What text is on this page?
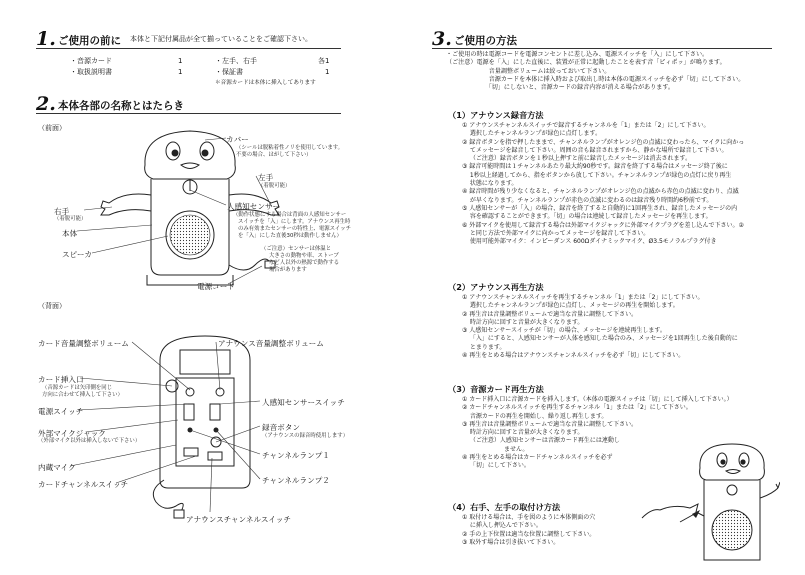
1. ご使用の前に 本体と下記付属品が全て揃っていることをご確認下さい。
・音源カード	1
・取扱説明書	1
・左手、右手	各1
・保証書	1
＊音源カードは本体に挿入してあります
2. 本体各部の名称とはたらき
（前面）
（背面）
カバー
（シールは脱粘着性ノリを使用しています。
不要の場合、はがして下さい）
左手
（着脱可能）
右手
（着脱可能）
本体
スピーカ
人感知センサー
（動作状態にする場合は背面の人感知センサー
スイッチを「入」にします。アナウンス再生時
のみ有効またセンサーの特性上、電源スイッチ
を「入」にした直後30秒は動作しません）
（ご注意）センサーは体温と
大きさの動物や車、ストーブ
など人以外の熱源で動作する
場合があります
電源コード
カード音量調整ボリューム
カード挿入口
（音源カードは矢印側を同じ
方向に合わせて挿入して下さい）
電源スイッチ
外部マイクジャック
（外部マイク以外は挿入しないで下さい）
内蔵マイク
カードチャンネルスイッチ
アナウンス音量調整ボリューム
人感知センサースイッチ
録音ボタン
（アナウンスの録音時使用します）
チャンネルランプ１
チャンネルランプ２
アナウンスチャンネルスイッチ
3. ご使用の方法
・ご使用の時は電源コードを電源コンセントに差し込み、電源スイッチを「入」にして下さい。
（ご注意）電源を「入」にした直後に、装置が正常に起動したことを表す音「ピィポッ」が鳴ります。
　　　　　　　音量調整ボリュームは絞っておいて下さい。
　　　　　　　音源カードを本体に挿入時および取出し時は本体の電源スイッチを必ず「切」にして下さい。
　　　　　　　「切」にしないと、音源カードの録音内容が消える場合があります。
（1）アナウンス録音方法
① アナウンスチャンネルスイッチで録音するチャンネルを「1」または「2」にして下さい。
　 選択したチャンネルランプが緑色に点灯します。
② 録音ボタンを指で押したままで、チャンネルランプがオレンジ色の点滅に変わったら、マイクに向かっ
　 てメッセージを録音して下さい。周囲の音も録音されますから、静かな場所で録音して下さい。
　 （ご注意）録音ボタンを１秒以上押すと前に録音したメッセージは消去されます。
③ 録音可能時間は１チャンネルあたり最大約90秒です。録音を終了する場合はメッセージ終了後に
　 1秒以上経過してから、指をボタンから放して下さい。チャンネルランプが緑色の点灯に戻り再生
　 状態になります。
④ 録音時間が残り少なくなると、チャンネルランプがオレンジ色の点滅から赤色の点滅に変わり、点滅
　 が早くなります。チャンネルランプが赤色の点滅に変わるのは録音残り時間約6秒前です。
⑤ 人感知センサーが「入」の場合、録音を終了すると自動的に1回再生され、録音したメッセージの内
　 容を確認することができます。「切」の場合は連続して録音したメッセージを再生します。
⑥ 外部マイクを使用して録音する場合は外部マイクジャックに外部マイクプラグを差し込んで下さい。②
　 と同じ方法で外部マイクに向かってメッセージを録音して下さい。
　 使用可能外部マイク：インピーダンス 600Ωダイナミックマイク、Ø3.5モノラルプラグ付き
（2）アナウンス再生方法
① アナウンスチャンネルスイッチを再生するチャンネル「1」または「2」にして下さい。
　 選択したチャンネルランプが緑色に点灯し、メッセージの再生を開始します。
② 再生音は音量調整ボリュームで適当な音量に調整して下さい。
　 時計方向に回すと音量が大きくなります。
③ 人感知センサースイッチが「切」の場合、メッセージを連続再生します。
　 「入」にすると、人感知センサーが人体を感知した場合のみ、メッセージを1回再生した後自動的に
　 とまります。
④ 再生をとめる場合はアナウンスチャンネルスイッチを必ず「切」にして下さい。
（3）音源カード再生方法
① カード挿入口に音源カードを挿入します。（本体の電源スイッチは「切」にして挿入して下さい。）
② カードチャンネルスイッチを再生するチャンネル「1」または「2」にして下さい。
　 音源カードの再生を開始し、繰り返し再生します。
③ 再生音は音量調整ボリュームで適当な音量に調整して下さい。
　 時計方向に回すと音量が大きくなります。
　 （ご注意）人感知センサーは音源カード再生には連動し
　　　　　　　ません。
④ 再生をとめる場合はカードチャンネルスイッチを必ず
　 「切」にして下さい。
（4）右手、左手の取付け方法
① 取付ける場合は、手を図のように本体側面の穴
　 に挿入し押込んで下さい。
② 手の上下位置は適当な位置に調整して下さい。
③ 取外す場合は引き抜いて下さい。
